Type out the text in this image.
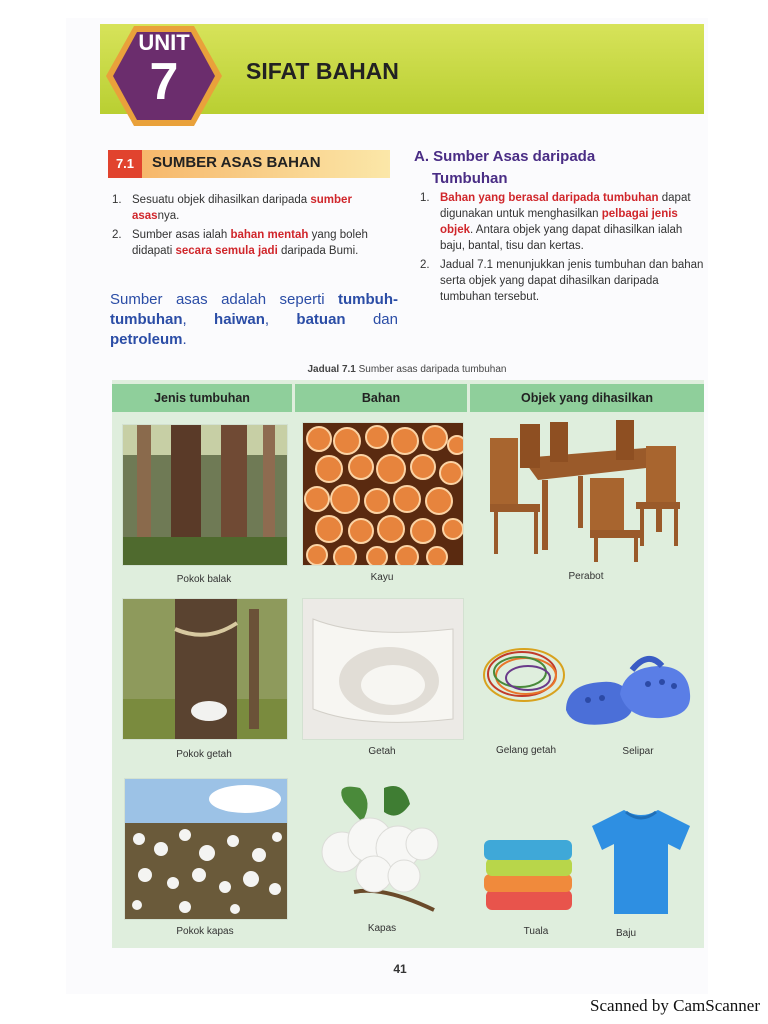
UNIT
7	SIFAT BAHAN
7.1	SUMBER ASAS BAHAN
1. Sesuatu objek dihasilkan daripada sumber asasnya.
2. Sumber asas ialah bahan mentah yang boleh didapati secara semula jadi daripada Bumi.
Sumber asas adalah seperti tumbuh-tumbuhan, haiwan, batuan dan petroleum.
A. Sumber Asas daripada
Tumbuhan
1. Bahan yang berasal daripada tumbuhan dapat digunakan untuk menghasilkan pelbagai jenis objek. Antara objek yang dapat dihasilkan ialah baju, bantal, tisu dan kertas.
2. Jadual 7.1 menunjukkan jenis tumbuhan dan bahan serta objek yang dapat dihasilkan daripada tumbuhan tersebut.
Jadual 7.1 Sumber asas daripada tumbuhan
Jenis tumbuhan	Bahan	Objek yang dihasilkan
Pokok balak	Kayu	Perabot
Pokok getah	Getah	Gelang getah	Selipar
Pokok kapas	Kapas	Tuala	Baju
41
Scanned by CamScanner
